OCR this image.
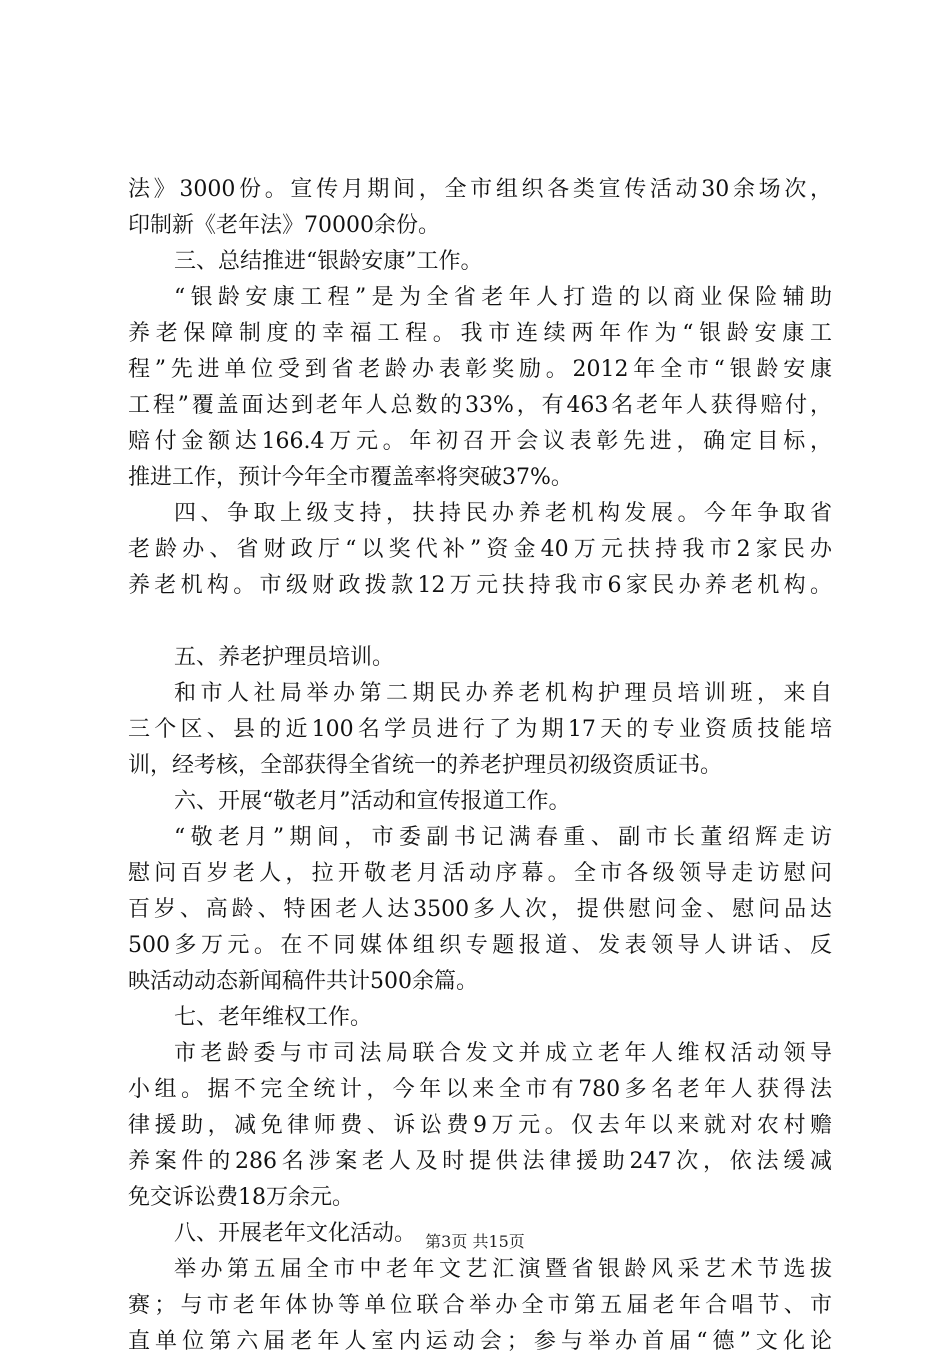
法》3000份。宣传月期间，全市组织各类宣传活动30余场次，
印制新《老年法》70000余份。
三、总结推进“银龄安康”工作。
“银龄安康工程”是为全省老年人打造的以商业保险辅助
养老保障制度的幸福工程。我市连续两年作为“银龄安康工
程”先进单位受到省老龄办表彰奖励。2012年全市“银龄安康
工程”覆盖面达到老年人总数的33%，有463名老年人获得赔付，
赔付金额达166.4万元。年初召开会议表彰先进，确定目标，
推进工作，预计今年全市覆盖率将突破37%。
四、争取上级支持，扶持民办养老机构发展。今年争取省
老龄办、省财政厅“以奖代补”资金40万元扶持我市2家民办
养老机构。市级财政拨款12万元扶持我市6家民办养老机构。
五、养老护理员培训。
和市人社局举办第二期民办养老机构护理员培训班，来自
三个区、县的近100名学员进行了为期17天的专业资质技能培
训，经考核，全部获得全省统一的养老护理员初级资质证书。
六、开展“敬老月”活动和宣传报道工作。
“敬老月”期间，市委副书记满春重、副市长董绍辉走访
慰问百岁老人，拉开敬老月活动序幕。全市各级领导走访慰问
百岁、高龄、特困老人达3500多人次，提供慰问金、慰问品达
500多万元。在不同媒体组织专题报道、发表领导人讲话、反
映活动动态新闻稿件共计500余篇。
七、老年维权工作。
市老龄委与市司法局联合发文并成立老年人维权活动领导
小组。据不完全统计，今年以来全市有780多名老年人获得法
律援助，减免律师费、诉讼费9万元。仅去年以来就对农村赡
养案件的286名涉案老人及时提供法律援助247次，依法缓减
免交诉讼费18万余元。
八、开展老年文化活动。
举办第五届全市中老年文艺汇演暨省银龄风采艺术节选拔
赛；与市老年体协等单位联合举办全市第五届老年合唱节、市
直单位第六届老年人室内运动会；参与举办首届“德”文化论
第3页 共15页
